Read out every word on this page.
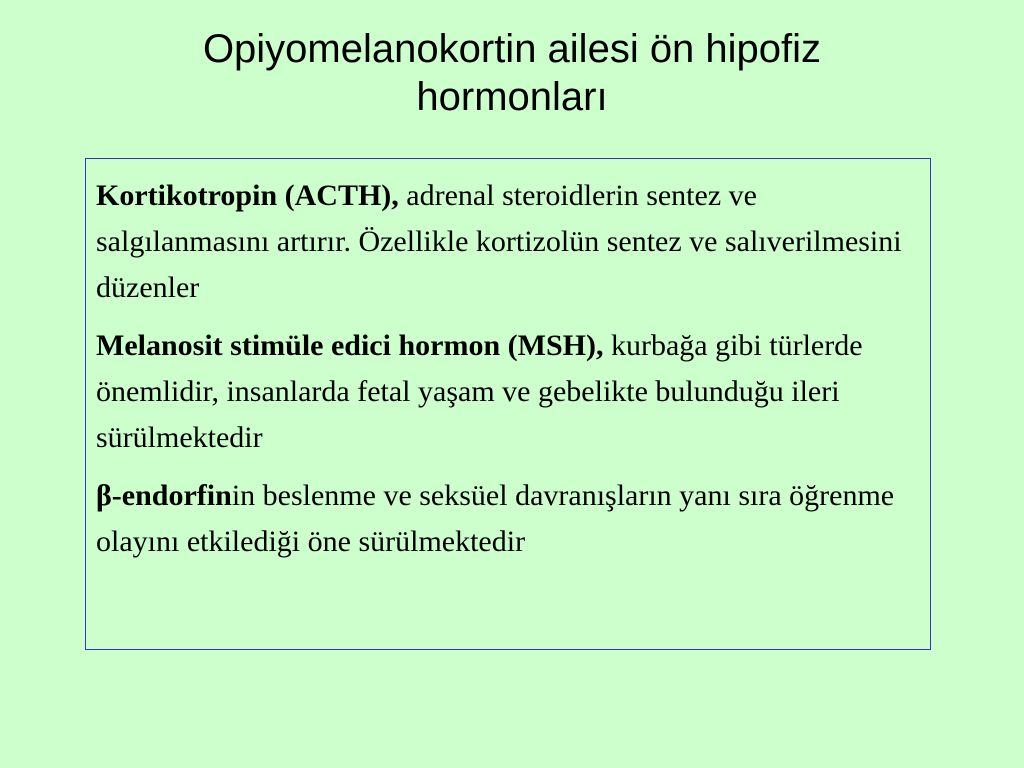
Opiyomelanokortin ailesi ön hipofiz hormonları

Kortikotropin (ACTH), adrenal steroidlerin sentez ve salgılanmasını artırır. Özellikle kortizolün sentez ve salıverilmesini düzenler

Melanosit stimüle edici hormon (MSH), kurbağa gibi türlerde önemlidir, insanlarda fetal yaşam ve gebelikte bulunduğu ileri sürülmektedir

β-endorfinin beslenme ve seksüel davranışların yanı sıra öğrenme olayını etkilediği öne sürülmektedir
